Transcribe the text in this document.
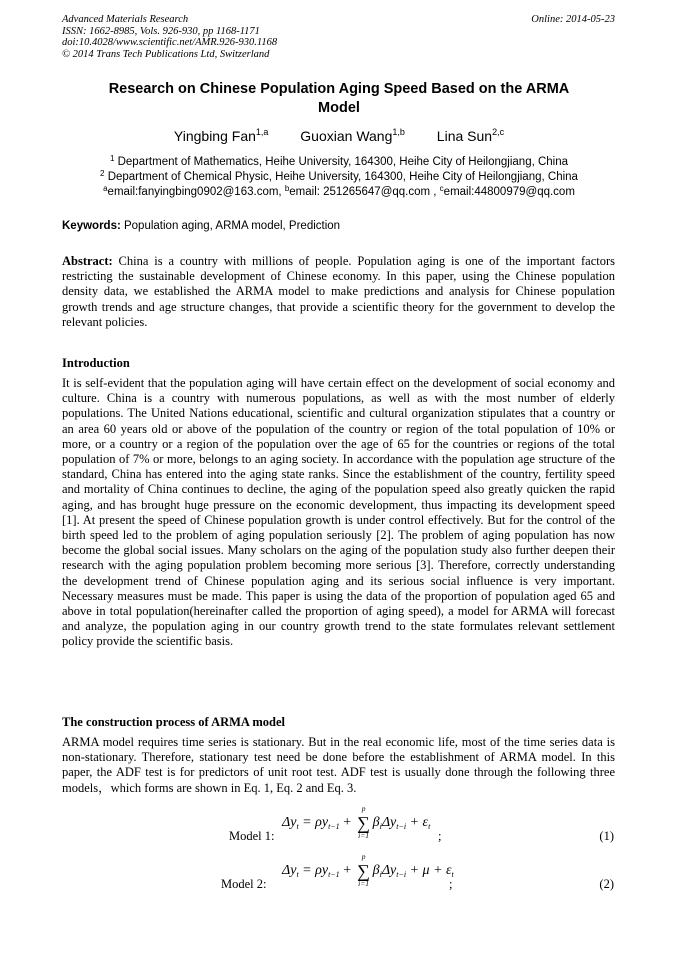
Advanced Materials Research
ISSN: 1662-8985, Vols. 926-930, pp 1168-1171
doi:10.4028/www.scientific.net/AMR.926-930.1168
© 2014 Trans Tech Publications Ltd, Switzerland
Online: 2014-05-23
Research on Chinese Population Aging Speed Based on the ARMA
Model
Yingbing Fan$^{1,a}$ Guoxian Wang$^{1,b}$ Lina Sun$^{2,c}$
$^1$ Department of Mathematics, Heihe University, 164300, Heihe City of Heilongjiang, China
$^2$ Department of Chemical Physic, Heihe University, 164300, Heihe City of Heilongjiang, China
$^a$email:fanyingbing0902@163.com, $^b$email: 251265647@qq.com , $^c$email:44800979@qq.com
Keywords: Population aging, ARMA model, Prediction
Abstract: China is a country with millions of people. Population aging is one of the important factors restricting the sustainable development of Chinese economy. In this paper, using the Chinese population density data, we established the ARMA model to make predictions and analysis for Chinese population growth trends and age structure changes, that provide a scientific theory for the government to develop the relevant policies.
Introduction
It is self-evident that the population aging will have certain effect on the development of social economy and culture. China is a country with numerous populations, as well as with the most number of elderly populations. The United Nations educational, scientific and cultural organization stipulates that a country or an area 60 years old or above of the population of the country or region of the total population of 10% or more, or a country or a region of the population over the age of 65 for the countries or regions of the total population of 7% or more, belongs to an aging society. In accordance with the population age structure of the standard, China has entered into the aging state ranks. Since the establishment of the country, fertility speed and mortality of China continues to decline, the aging of the population speed also greatly quicken the rapid aging, and has brought huge pressure on the economic development, thus impacting its development speed [1]. At present the speed of Chinese population growth is under control effectively. But for the control of the birth speed led to the problem of aging population seriously [2]. The problem of aging population has now become the global social issues. Many scholars on the aging of the population study also further deepen their research with the aging population problem becoming more serious [3]. Therefore, correctly understanding the development trend of Chinese population aging and its serious social influence is very important. Necessary measures must be made. This paper is using the data of the proportion of population aged 65 and above in total population(hereinafter called the proportion of aging speed), a model for ARMA will forecast and analyze, the population aging in our country growth trend to the state formulates relevant settlement policy provide the scientific basis.
The construction process of ARMA model
ARMA model requires time series is stationary. But in the real economic life, most of the time series data is non-stationary. Therefore, stationary test need be done before the establishment of ARMA model. In this paper, the ADF test is for predictors of unit root test. ADF test is usually done through the following three models，which forms are shown in Eq. 1, Eq. 2 and Eq. 3.
Model 1:
$\Delta y_t = \rho y_{t-1}$ +
p
∑
i=1
$\beta_i\Delta y_{t-i} + \varepsilon_t$
;	(1)
Model 2:
$\Delta y_t = \rho y_{t-1}$ +
p
∑
i=1
$\beta_i\Delta y_{t-i} + \mu + \varepsilon_t$
;	(2)
